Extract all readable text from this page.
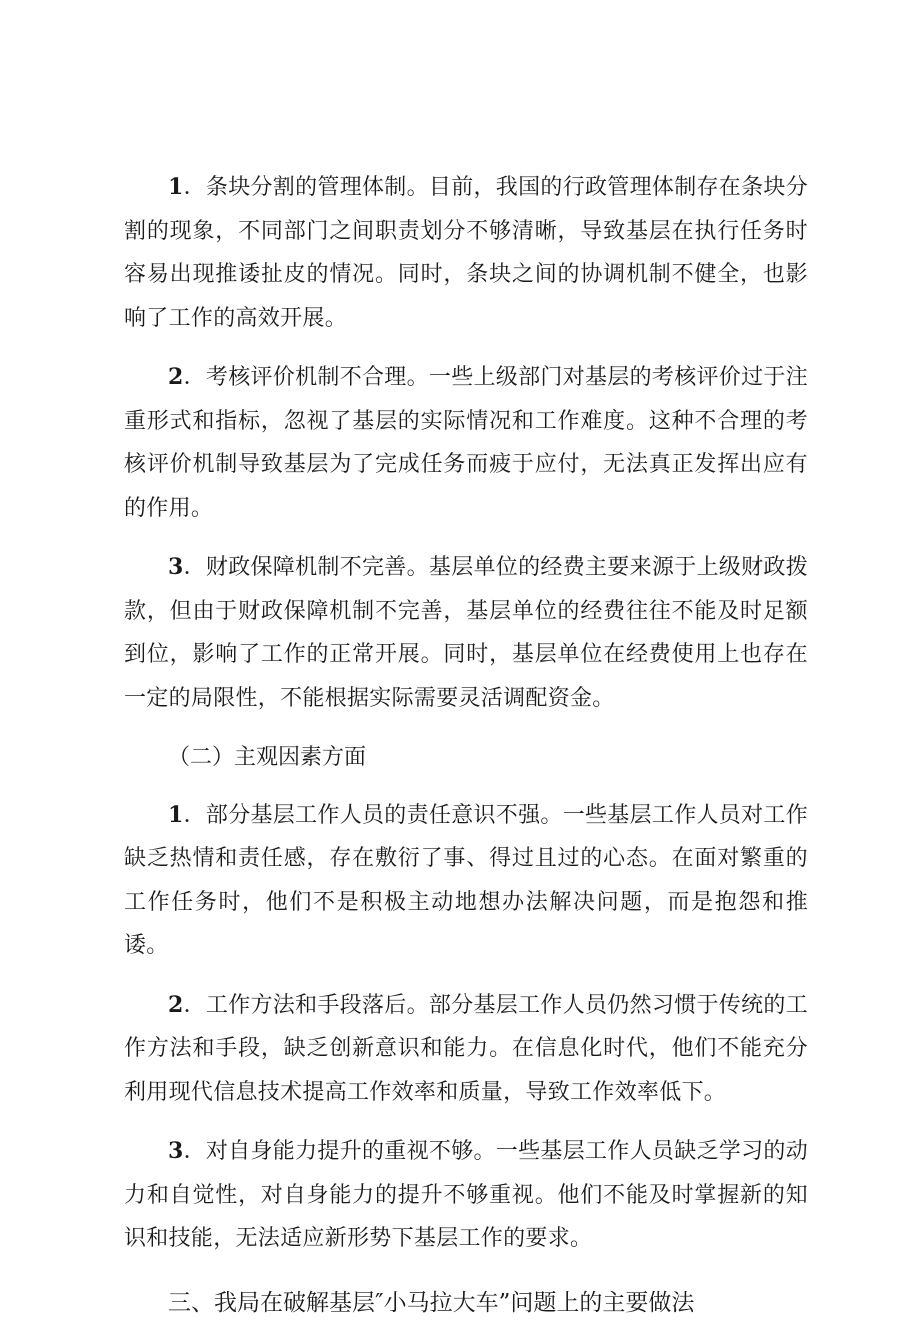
1．条块分割的管理体制。目前，我国的行政管理体制存在条块分割的现象，不同部门之间职责划分不够清晰，导致基层在执行任务时容易出现推诿扯皮的情况。同时，条块之间的协调机制不健全，也影响了工作的高效开展。

2．考核评价机制不合理。一些上级部门对基层的考核评价过于注重形式和指标，忽视了基层的实际情况和工作难度。这种不合理的考核评价机制导致基层为了完成任务而疲于应付，无法真正发挥出应有的作用。

3．财政保障机制不完善。基层单位的经费主要来源于上级财政拨款，但由于财政保障机制不完善，基层单位的经费往往不能及时足额到位，影响了工作的正常开展。同时，基层单位在经费使用上也存在一定的局限性，不能根据实际需要灵活调配资金。

（二）主观因素方面

1．部分基层工作人员的责任意识不强。一些基层工作人员对工作缺乏热情和责任感，存在敷衍了事、得过且过的心态。在面对繁重的工作任务时，他们不是积极主动地想办法解决问题，而是抱怨和推诿。

2．工作方法和手段落后。部分基层工作人员仍然习惯于传统的工作方法和手段，缺乏创新意识和能力。在信息化时代，他们不能充分利用现代信息技术提高工作效率和质量，导致工作效率低下。

3．对自身能力提升的重视不够。一些基层工作人员缺乏学习的动力和自觉性，对自身能力的提升不够重视。他们不能及时掌握新的知识和技能，无法适应新形势下基层工作的要求。

三、我局在破解基层″小马拉大车”问题上的主要做法
